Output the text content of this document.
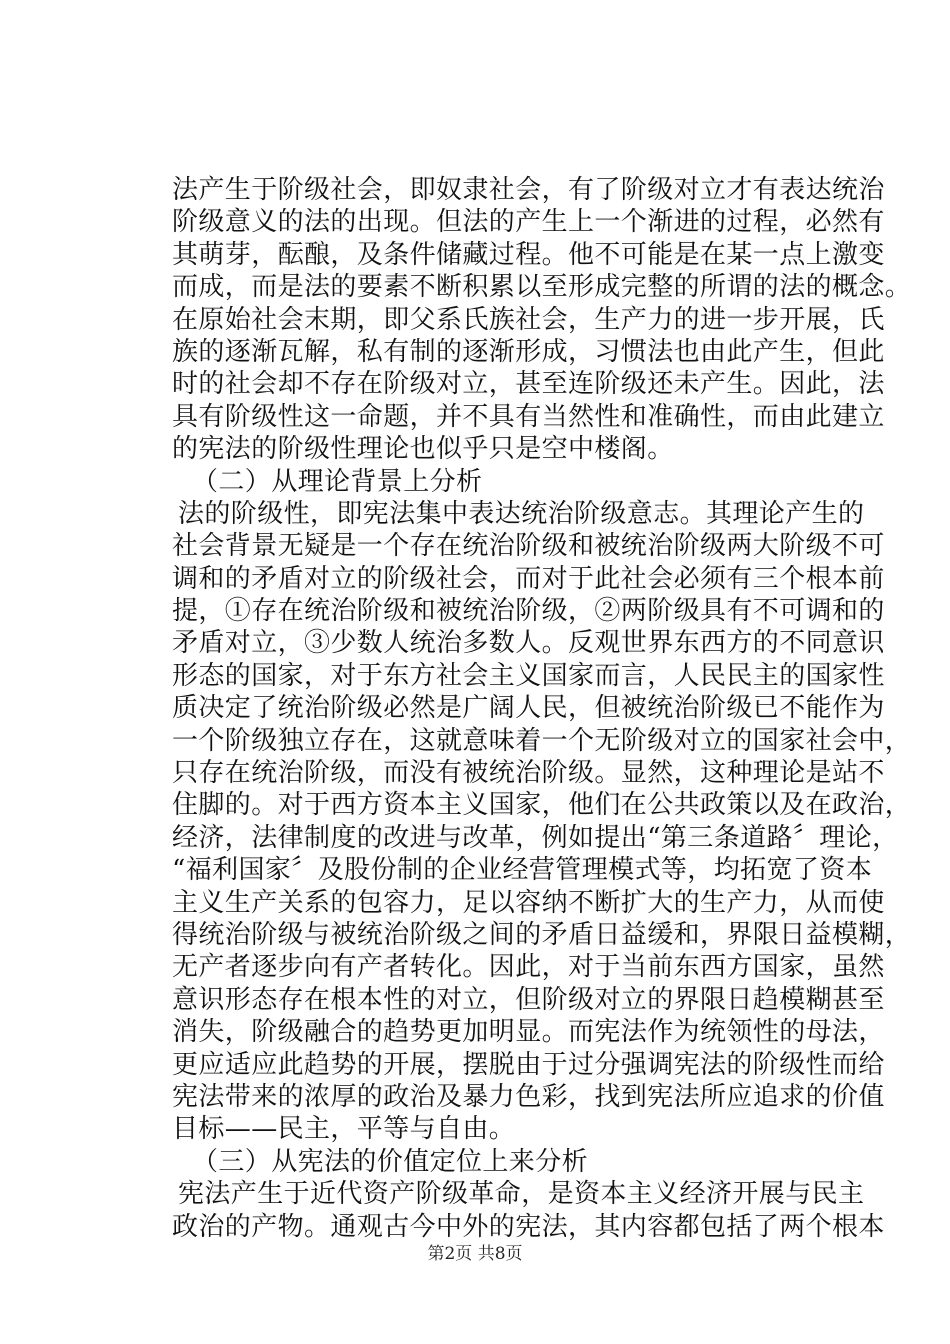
法产生于阶级社会，即奴隶社会，有了阶级对立才有表达统治
阶级意义的法的出现。但法的产生上一个渐进的过程，必然有
其萌芽，酝酿，及条件储藏过程。他不可能是在某一点上激变
而成，而是法的要素不断积累以至形成完整的所谓的法的概念。
在原始社会末期，即父系氏族社会，生产力的进一步开展，氏
族的逐渐瓦解，私有制的逐渐形成，习惯法也由此产生，但此
时的社会却不存在阶级对立，甚至连阶级还未产生。因此，法
具有阶级性这一命题，并不具有当然性和准确性，而由此建立
的宪法的阶级性理论也似乎只是空中楼阁。
（二）从理论背景上分析
法的阶级性，即宪法集中表达统治阶级意志。其理论产生的
社会背景无疑是一个存在统治阶级和被统治阶级两大阶级不可
调和的矛盾对立的阶级社会，而对于此社会必须有三个根本前
提，①存在统治阶级和被统治阶级，②两阶级具有不可调和的
矛盾对立，③少数人统治多数人。反观世界东西方的不同意识
形态的国家，对于东方社会主义国家而言，人民民主的国家性
质决定了统治阶级必然是广阔人民，但被统治阶级已不能作为
一个阶级独立存在，这就意味着一个无阶级对立的国家社会中，
只存在统治阶级，而没有被统治阶级。显然，这种理论是站不
住脚的。对于西方资本主义国家，他们在公共政策以及在政治，
经济，法律制度的改进与改革，例如提出“第三条道路〞理论，
“福利国家〞及股份制的企业经营管理模式等，均拓宽了资本
主义生产关系的包容力，足以容纳不断扩大的生产力，从而使
得统治阶级与被统治阶级之间的矛盾日益缓和，界限日益模糊，
无产者逐步向有产者转化。因此，对于当前东西方国家，虽然
意识形态存在根本性的对立，但阶级对立的界限日趋模糊甚至
消失，阶级融合的趋势更加明显。而宪法作为统领性的母法，
更应适应此趋势的开展，摆脱由于过分强调宪法的阶级性而给
宪法带来的浓厚的政治及暴力色彩，找到宪法所应追求的价值
目标——民主，平等与自由。
（三）从宪法的价值定位上来分析
宪法产生于近代资产阶级革命，是资本主义经济开展与民主
政治的产物。通观古今中外的宪法，其内容都包括了两个根本
第2页 共8页
